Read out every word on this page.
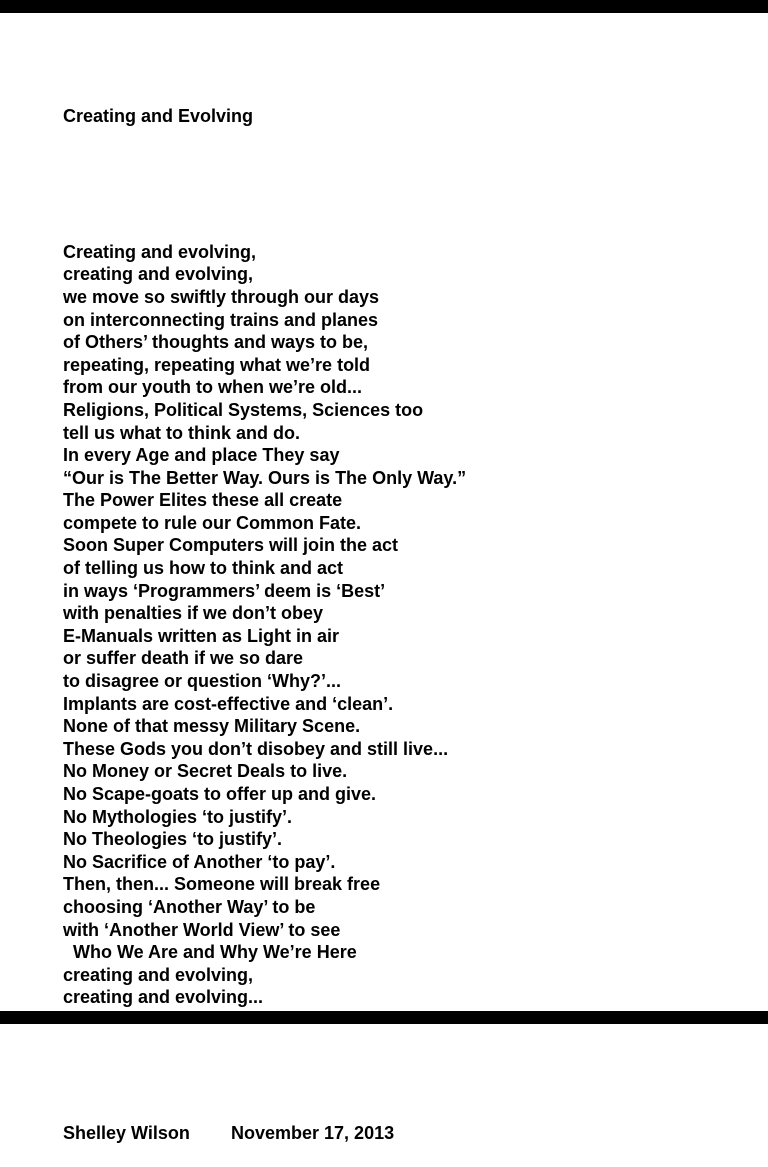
Creating and Evolving

Creating and evolving,
creating and evolving,
we move so swiftly through our days
on interconnecting trains and planes
of Others’ thoughts and ways to be,
repeating, repeating what we’re told
from our youth to when we’re old...
Religions, Political Systems, Sciences too
tell us what to think and do.
In every Age and place They say
“Our is The Better Way. Ours is The Only Way.”
The Power Elites these all create
compete to rule our Common Fate.
Soon Super Computers will join the act
of telling us how to think and act
in ways ‘Programmers’ deem is ‘Best’
with penalties if we don’t obey
E-Manuals written as Light in air
or suffer death if we so dare
to disagree or question ‘Why?’...
Implants are cost-effective and ‘clean’.
None of that messy Military Scene.
These Gods you don’t disobey and still live...
No Money or Secret Deals to live.
No Scape-goats to offer up and give.
No Mythologies ‘to justify’.
No Theologies ‘to justify’.
No Sacrifice of Another ‘to pay’.
Then, then... Someone will break free
choosing ‘Another Way’ to be
with ‘Another World View’ to see
Who We Are and Why We’re Here
creating and evolving,
creating and evolving...

Shelley Wilson November 17, 2013
